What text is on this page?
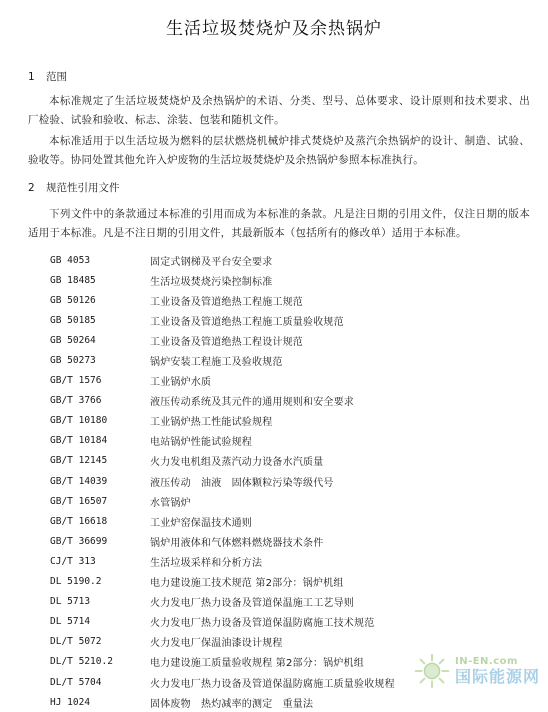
生活垃圾焚烧炉及余热锅炉
1 范围
本标准规定了生活垃圾焚烧炉及余热锅炉的术语、分类、型号、总体要求、设计原则和技术要求、出厂检验、试验和验收、标志、涂装、包装和随机文件。
本标准适用于以生活垃圾为燃料的层状燃烧机械炉排式焚烧炉及蒸汽余热锅炉的设计、制造、试验、验收等。协同处置其他允许入炉废物的生活垃圾焚烧炉及余热锅炉参照本标准执行。
2 规范性引用文件
下列文件中的条款通过本标准的引用而成为本标准的条款。凡是注日期的引用文件，仅注日期的版本适用于本标准。凡是不注日期的引用文件，其最新版本（包括所有的修改单）适用于本标准。
GB 4053	固定式钢梯及平台安全要求
GB 18485	生活垃圾焚烧污染控制标准
GB 50126	工业设备及管道绝热工程施工规范
GB 50185	工业设备及管道绝热工程施工质量验收规范
GB 50264	工业设备及管道绝热工程设计规范
GB 50273	锅炉安装工程施工及验收规范
GB/T 1576	工业锅炉水质
GB/T 3766	液压传动系统及其元件的通用规则和安全要求
GB/T 10180	工业锅炉热工性能试验规程
GB/T 10184	电站锅炉性能试验规程
GB/T 12145	火力发电机组及蒸汽动力设备水汽质量
GB/T 14039	液压传动　油液　固体颗粒污染等级代号
GB/T 16507	水管锅炉
GB/T 16618	工业炉窑保温技术通则
GB/T 36699	锅炉用液体和气体燃料燃烧器技术条件
CJ/T 313	生活垃圾采样和分析方法
DL 5190.2	电力建设施工技术规范 第2部分：锅炉机组
DL 5713	火力发电厂热力设备及管道保温施工工艺导则
DL 5714	火力发电厂热力设备及管道保温防腐施工技术规范
DL/T 5072	火力发电厂保温油漆设计规程
DL/T 5210.2	电力建设施工质量验收规程 第2部分：锅炉机组
DL/T 5704	火力发电厂热力设备及管道保温防腐施工质量验收规程
HJ 1024	固体废物　热灼减率的测定　重量法
IN-EN.com
国际能源网
